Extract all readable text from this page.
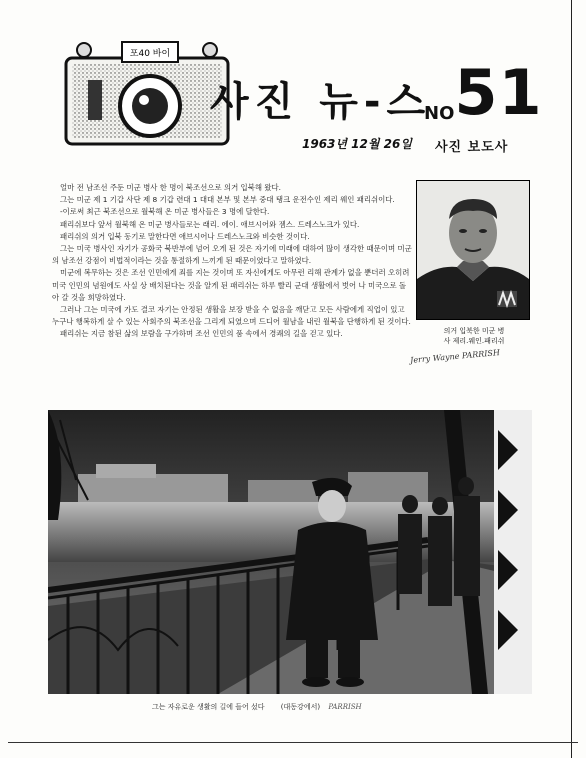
포40 바이
사진 뉴-스
NO51
1963년 12월 26일 사진 보도사

얼마 전 남조선 주둔 미군 병사 한 명이 북조선으로 의거 입북해 왔다.

그는 미군 제 1 기갑 사단 제 8 기갑 련대 1 대대 본부 및 본부 중대 탱크 운전수인 제리 웨인 패리쉬이다.

-이로써 최근 북조선으로 월북해 온 미군 병사들은 3 명에 달한다.

패리쉬보다 앞서 월북해 온 미군 병사들로는 래리. 에이. 애브시어와 젬스. 드레스노크가 있다.

패리쉬의 의거 입북 동기로 말한다면 애브시어나 드레스노크와 비슷한 것이다.

그는 미국 병사인 자기가 공화국 북반부에 넘어 오게 된 것은 자기에 미래에 대하여 많이 생각한 때문이며 미군의 남조선 강점이 비법적이라는 것을 통절하게 느끼게 된 때문이였다고 말하였다.

미군에 복무하는 것은 조선 인민에게 죄를 지는 것이며 또 자신에게도 아무런 리해 관계가 없을 뿐더러 오히려 미국 인민의 념원에도 사실 상 배치된다는 것을 알게 된 패리쉬는 하루 빨리 군대 생활에서 벗어 나 미국으로 돌아 갈 것을 희망하였다.

그러나 그는 미국에 가도 결코 자기는 안정된 생활을 보장 받을 수 없음을 깨닫고 모든 사람에게 직업이 있고 누구나 행복하게 살 수 있는 사회주의 북조선을 그리게 되였으며 드디어 월남을 내린 월북을 단행하게 된 것이다.

패리쉬는 지금 참된 삶의 보람을 구가하며 조선 인민의 품 속에서 경쾌의 길을 걷고 있다.	의거 입북한 미군 병
사 제리.웨인.패리쉬
Jerry Wayne PARRISH
그는 자유로운 생활의 길에 들어 섰다 (대동강에서) PARRISH
